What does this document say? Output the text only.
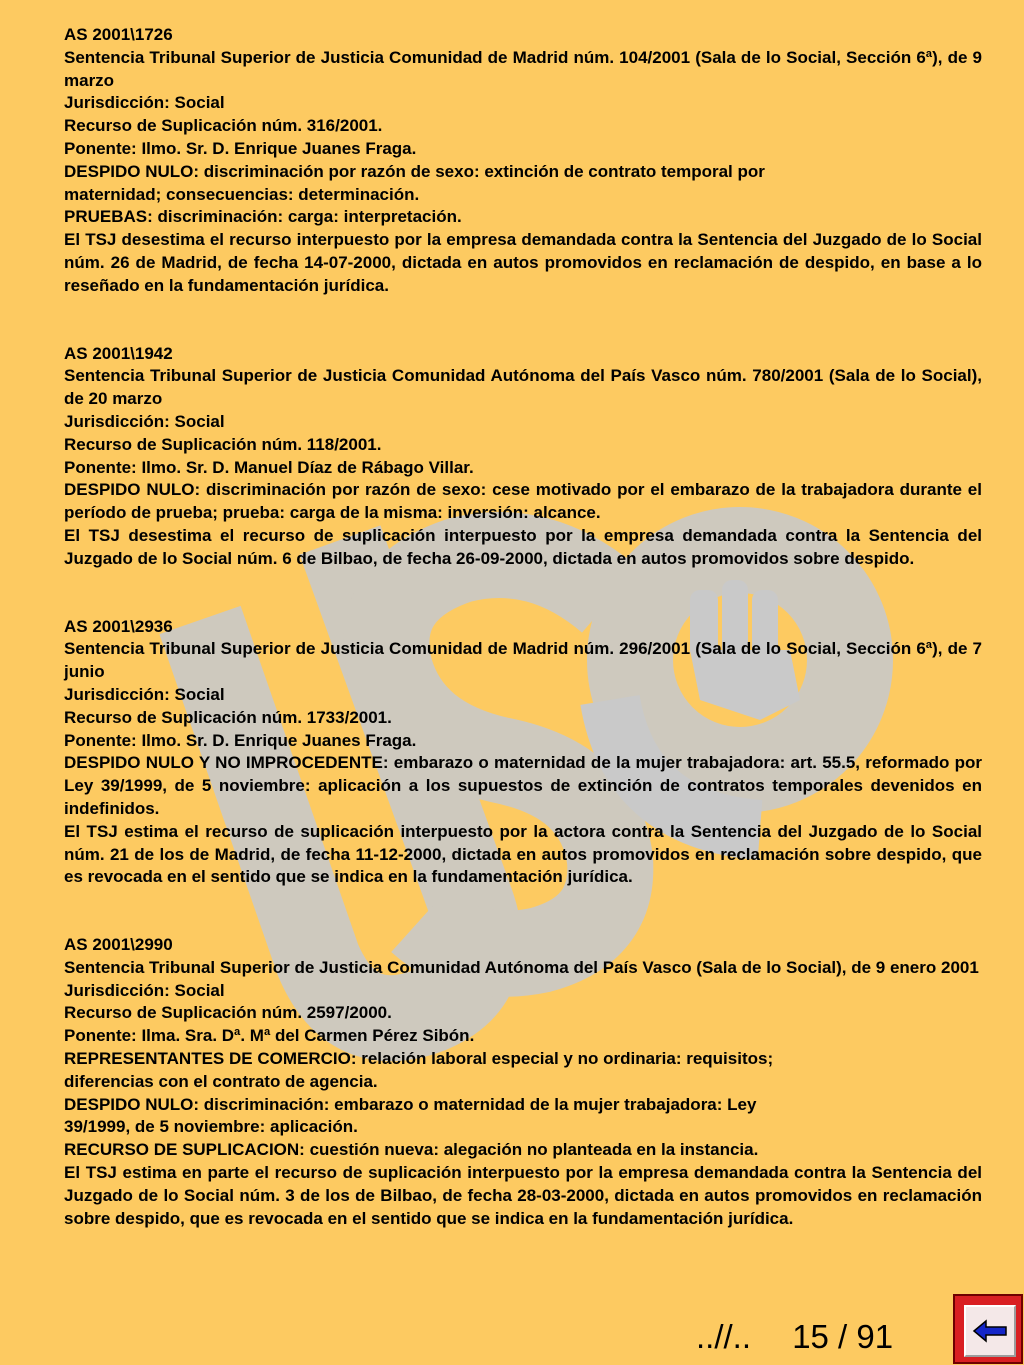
AS 2001\1726
Sentencia Tribunal Superior de Justicia Comunidad de Madrid núm. 104/2001 (Sala de lo Social, Sección 6ª), de 9 marzo
Jurisdicción: Social
Recurso de Suplicación núm. 316/2001.
Ponente: Ilmo. Sr. D. Enrique Juanes Fraga.
DESPIDO NULO: discriminación por razón de sexo: extinción de contrato temporal por
maternidad; consecuencias: determinación.
PRUEBAS: discriminación: carga: interpretación.
El TSJ desestima el recurso interpuesto por la empresa demandada contra la Sentencia del Juzgado de lo Social núm. 26 de Madrid, de fecha 14-07-2000, dictada en autos promovidos en reclamación de despido, en base a lo reseñado en la fundamentación jurídica.
AS 2001\1942
Sentencia Tribunal Superior de Justicia Comunidad Autónoma del País Vasco núm. 780/2001 (Sala de lo Social), de 20 marzo
Jurisdicción: Social
Recurso de Suplicación núm. 118/2001.
Ponente: Ilmo. Sr. D. Manuel Díaz de Rábago Villar.
DESPIDO NULO: discriminación por razón de sexo: cese motivado por el embarazo de la trabajadora durante el período de prueba; prueba: carga de la misma: inversión: alcance.
El TSJ desestima el recurso de suplicación interpuesto por la empresa demandada contra la Sentencia del Juzgado de lo Social núm. 6 de Bilbao, de fecha 26-09-2000, dictada en autos promovidos sobre despido.
AS 2001\2936
Sentencia Tribunal Superior de Justicia Comunidad de Madrid núm. 296/2001 (Sala de lo Social, Sección 6ª), de 7 junio
Jurisdicción: Social
Recurso de Suplicación núm. 1733/2001.
Ponente: Ilmo. Sr. D. Enrique Juanes Fraga.
DESPIDO NULO Y NO IMPROCEDENTE: embarazo o maternidad de la mujer trabajadora: art. 55.5, reformado por Ley 39/1999, de 5 noviembre: aplicación a los supuestos de extinción de contratos temporales devenidos en indefinidos.
El TSJ estima el recurso de suplicación interpuesto por la actora contra la Sentencia del Juzgado de lo Social núm. 21 de los de Madrid, de fecha 11-12-2000, dictada en autos promovidos en reclamación sobre despido, que es revocada en el sentido que se indica en la fundamentación jurídica.
AS 2001\2990
Sentencia Tribunal Superior de Justicia Comunidad Autónoma del País Vasco (Sala de lo Social), de 9 enero 2001
Jurisdicción: Social
Recurso de Suplicación núm. 2597/2000.
Ponente: Ilma. Sra. Dª. Mª del Carmen Pérez Sibón.
REPRESENTANTES DE COMERCIO: relación laboral especial y no ordinaria: requisitos;
diferencias con el contrato de agencia.
DESPIDO NULO: discriminación: embarazo o maternidad de la mujer trabajadora: Ley
39/1999, de 5 noviembre: aplicación.
RECURSO DE SUPLICACION: cuestión nueva: alegación no planteada en la instancia.
El TSJ estima en parte el recurso de suplicación interpuesto por la empresa demandada contra la Sentencia del Juzgado de lo Social núm. 3 de los de Bilbao, de fecha 28-03-2000, dictada en autos promovidos en reclamación sobre despido, que es revocada en el sentido que se indica en la fundamentación jurídica.
..//.. 15 / 91
